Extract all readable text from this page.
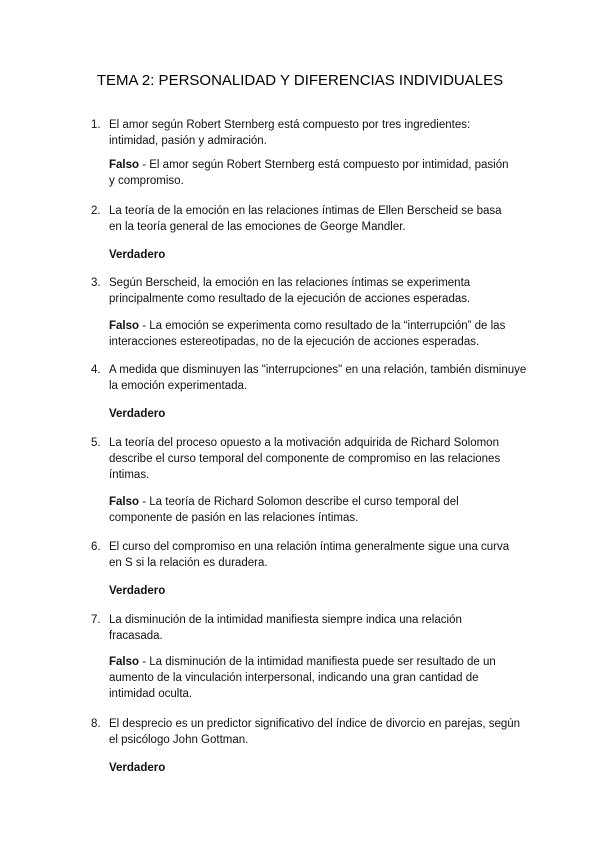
TEMA 2: PERSONALIDAD Y DIFERENCIAS INDIVIDUALES
1. El amor según Robert Sternberg está compuesto por tres ingredientes: intimidad, pasión y admiración.

Falso - El amor según Robert Sternberg está compuesto por intimidad, pasión y compromiso.

2. La teoría de la emoción en las relaciones íntimas de Ellen Berscheid se basa en la teoría general de las emociones de George Mandler.

Verdadero

3. Según Berscheid, la emoción en las relaciones íntimas se experimenta principalmente como resultado de la ejecución de acciones esperadas.

Falso - La emoción se experimenta como resultado de la “interrupción” de las interacciones estereotipadas, no de la ejecución de acciones esperadas.

4. A medida que disminuyen las "interrupciones" en una relación, también disminuye la emoción experimentada.

Verdadero

5. La teoría del proceso opuesto a la motivación adquirida de Richard Solomon describe el curso temporal del componente de compromiso en las relaciones íntimas.

Falso - La teoría de Richard Solomon describe el curso temporal del componente de pasión en las relaciones íntimas.

6. El curso del compromiso en una relación íntima generalmente sigue una curva en S si la relación es duradera.

Verdadero

7. La disminución de la intimidad manifiesta siempre indica una relación fracasada.

Falso - La disminución de la intimidad manifiesta puede ser resultado de un aumento de la vinculación interpersonal, indicando una gran cantidad de intimidad oculta.

8. El desprecio es un predictor significativo del índice de divorcio en parejas, según el psicólogo John Gottman.

Verdadero
